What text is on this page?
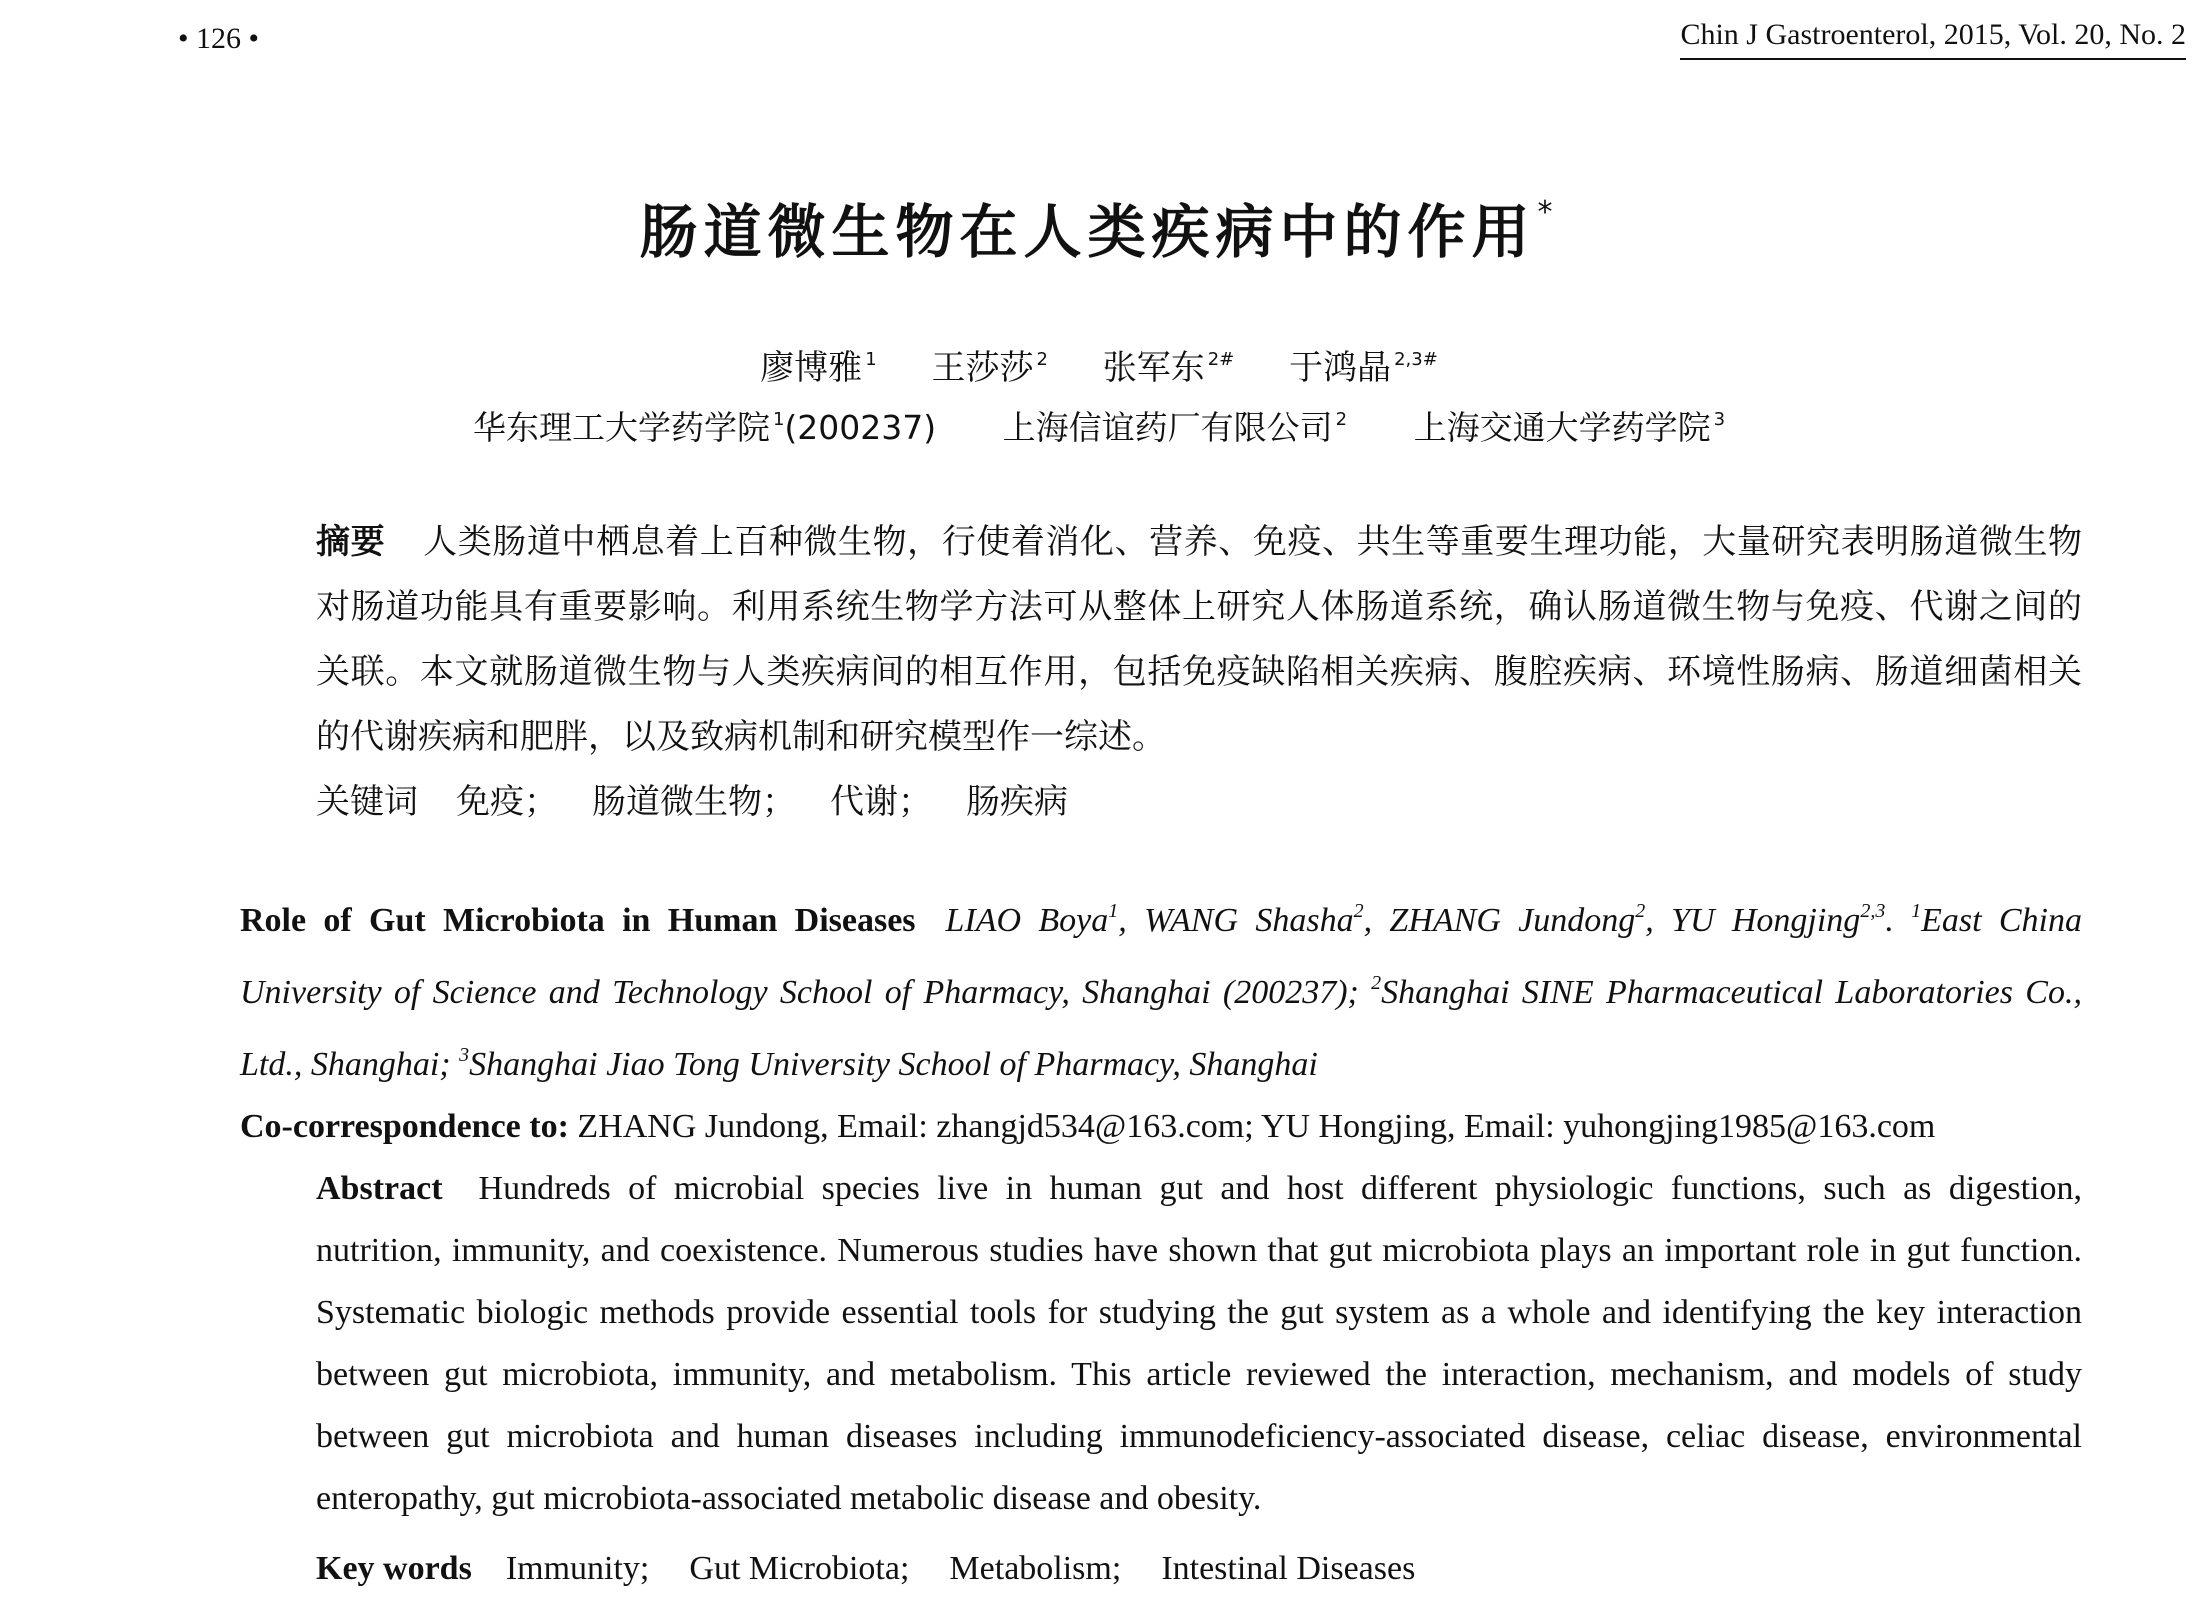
• 126 •	Chin J Gastroenterol, 2015, Vol. 20, No. 2
肠道微生物在人类疾病中的作用*
廖博雅 $^1$ 王莎莎 $^2$ 张军东 $^{2\#}$ 于鸿晶 $^{2,3\#}$
华东理工大学药学院 $^1$(200237) 上海信谊药厂有限公司 $^2$ 上海交通大学药学院 $^3$

摘要 人类肠道中栖息着上百种微生物，行使着消化、营养、免疫、共生等重要生理功能，大量研究表明肠道微生物对肠道功能具有重要影响。利用系统生物学方法可从整体上研究人体肠道系统，确认肠道微生物与免疫、代谢之间的关联。本文就肠道微生物与人类疾病间的相互作用，包括免疫缺陷相关疾病、腹腔疾病、环境性肠病、肠道细菌相关的代谢疾病和肥胖，以及致病机制和研究模型作一综述。

关键词 免疫； 肠道微生物； 代谢； 肠疾病

Role of Gut Microbiota in Human Diseases LIAO Boya$^1$, WANG Shasha$^2$, ZHANG Jundong$^2$, YU Hongjing$^{2,3}$. $^1$East China University of Science and Technology School of Pharmacy, Shanghai (200237); $^2$Shanghai SINE Pharmaceutical Laboratories Co., Ltd., Shanghai; $^3$Shanghai Jiao Tong University School of Pharmacy, Shanghai

Co-correspondence to: ZHANG Jundong, Email: zhangjd534@163.com; YU Hongjing, Email: yuhongjing1985@163.com

Abstract Hundreds of microbial species live in human gut and host different physiologic functions, such as digestion, nutrition, immunity, and coexistence. Numerous studies have shown that gut microbiota plays an important role in gut function. Systematic biologic methods provide essential tools for studying the gut system as a whole and identifying the key interaction between gut microbiota, immunity, and metabolism. This article reviewed the interaction, mechanism, and models of study between gut microbiota and human diseases including immunodeficiency-associated disease, celiac disease, environmental enteropathy, gut microbiota-associated metabolic disease and obesity.

Key words Immunity; Gut Microbiota; Metabolism; Intestinal Diseases
